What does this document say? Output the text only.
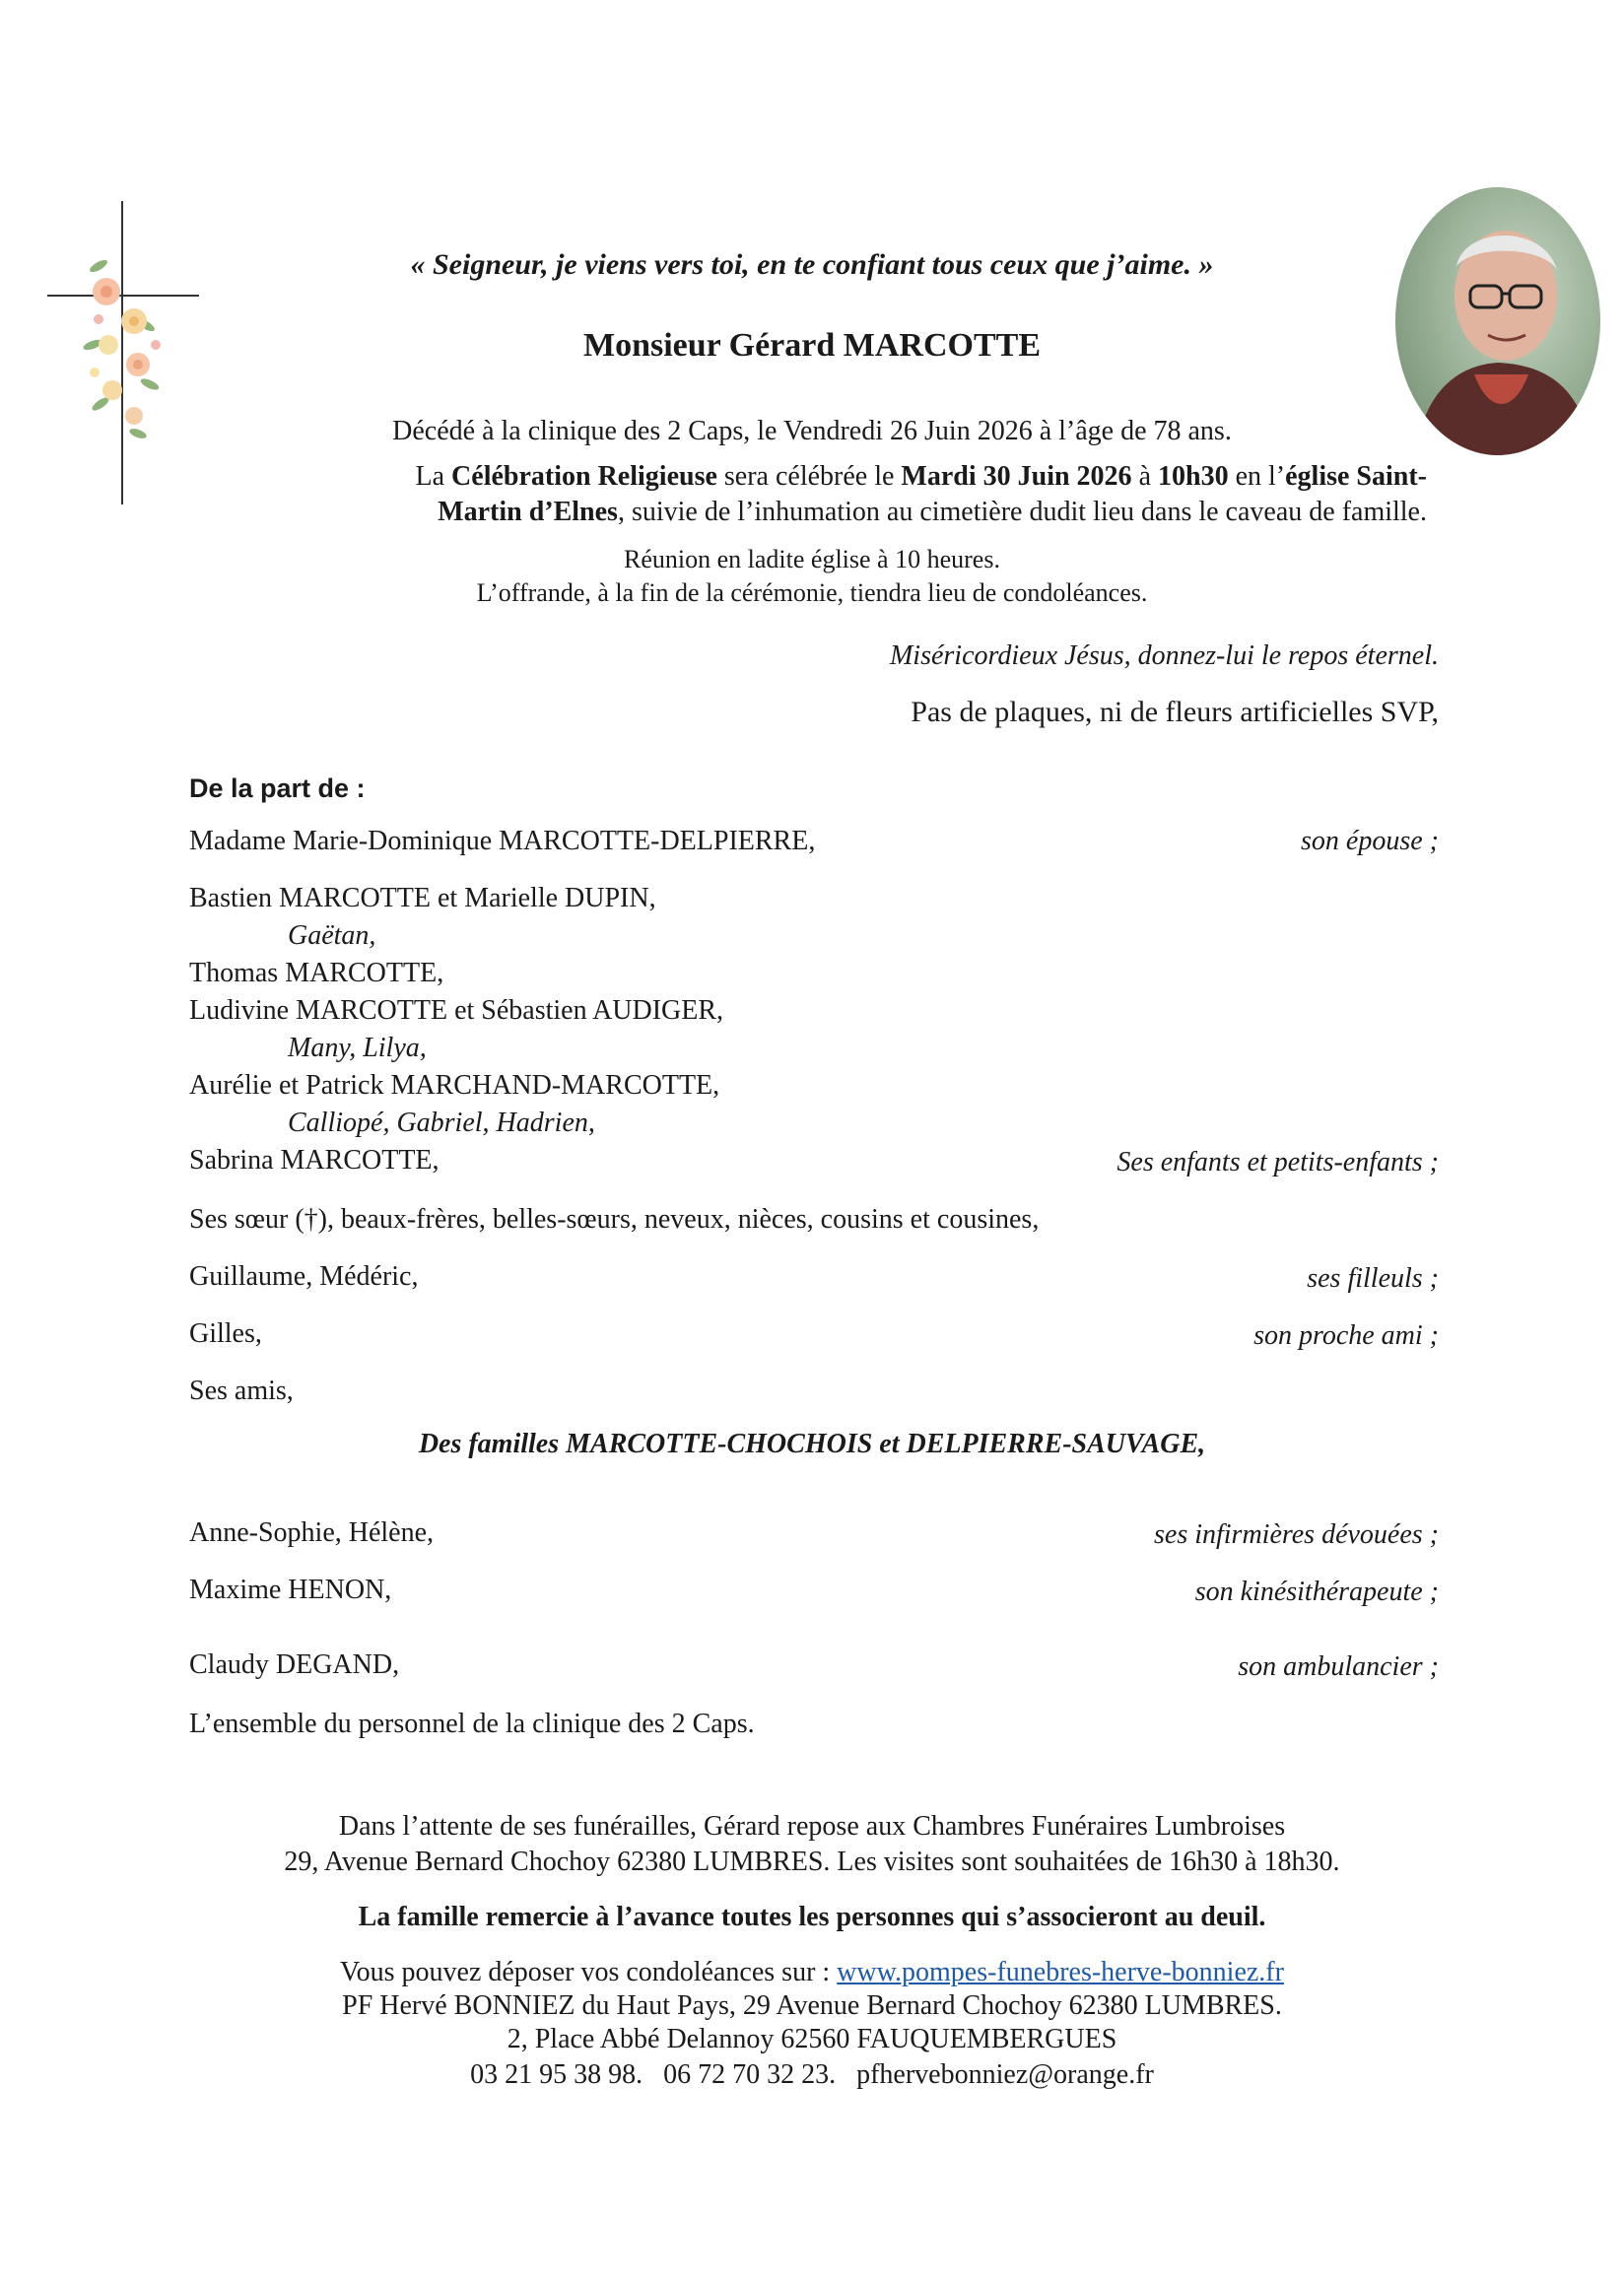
« Seigneur, je viens vers toi, en te confiant tous ceux que j’aime. »
Monsieur Gérard MARCOTTE
Décédé à la clinique des 2 Caps, le Vendredi 26 Juin 2026 à l’âge de 78 ans.
La Célébration Religieuse sera célébrée le Mardi 30 Juin 2026 à 10h30 en l’église Saint-
Martin d’Elnes, suivie de l’inhumation au cimetière dudit lieu dans le caveau de famille.
Réunion en ladite église à 10 heures.
L’offrande, à la fin de la cérémonie, tiendra lieu de condoléances.
Miséricordieux Jésus, donnez-lui le repos éternel.
Pas de plaques, ni de fleurs artificielles SVP,
De la part de :
Madame Marie-Dominique MARCOTTE-DELPIERRE,	son épouse ;
Bastien MARCOTTE et Marielle DUPIN,
Gaëtan,
Thomas MARCOTTE,
Ludivine MARCOTTE et Sébastien AUDIGER,
Many, Lilya,
Aurélie et Patrick MARCHAND-MARCOTTE,
Calliopé, Gabriel, Hadrien,
Sabrina MARCOTTE,	Ses enfants et petits-enfants ;
Ses sœur (†), beaux-frères, belles-sœurs, neveux, nièces, cousins et cousines,
Guillaume, Médéric,	ses filleuls ;
Gilles,	son proche ami ;
Ses amis,
Des familles MARCOTTE-CHOCHOIS et DELPIERRE-SAUVAGE,
Anne-Sophie, Hélène,	ses infirmières dévouées ;
Maxime HENON,	son kinésithérapeute ;
Claudy DEGAND,	son ambulancier ;
L’ensemble du personnel de la clinique des 2 Caps.
Dans l’attente de ses funérailles, Gérard repose aux Chambres Funéraires Lumbroises
29, Avenue Bernard Chochoy 62380 LUMBRES. Les visites sont souhaitées de 16h30 à 18h30.
La famille remercie à l’avance toutes les personnes qui s’associeront au deuil.
Vous pouvez déposer vos condoléances sur : www.pompes-funebres-herve-bonniez.fr
PF Hervé BONNIEZ du Haut Pays, 29 Avenue Bernard Chochoy 62380 LUMBRES.
2, Place Abbé Delannoy 62560 FAUQUEMBERGUES
03 21 95 38 98.   06 72 70 32 23.   pfhervebonniez@orange.fr
